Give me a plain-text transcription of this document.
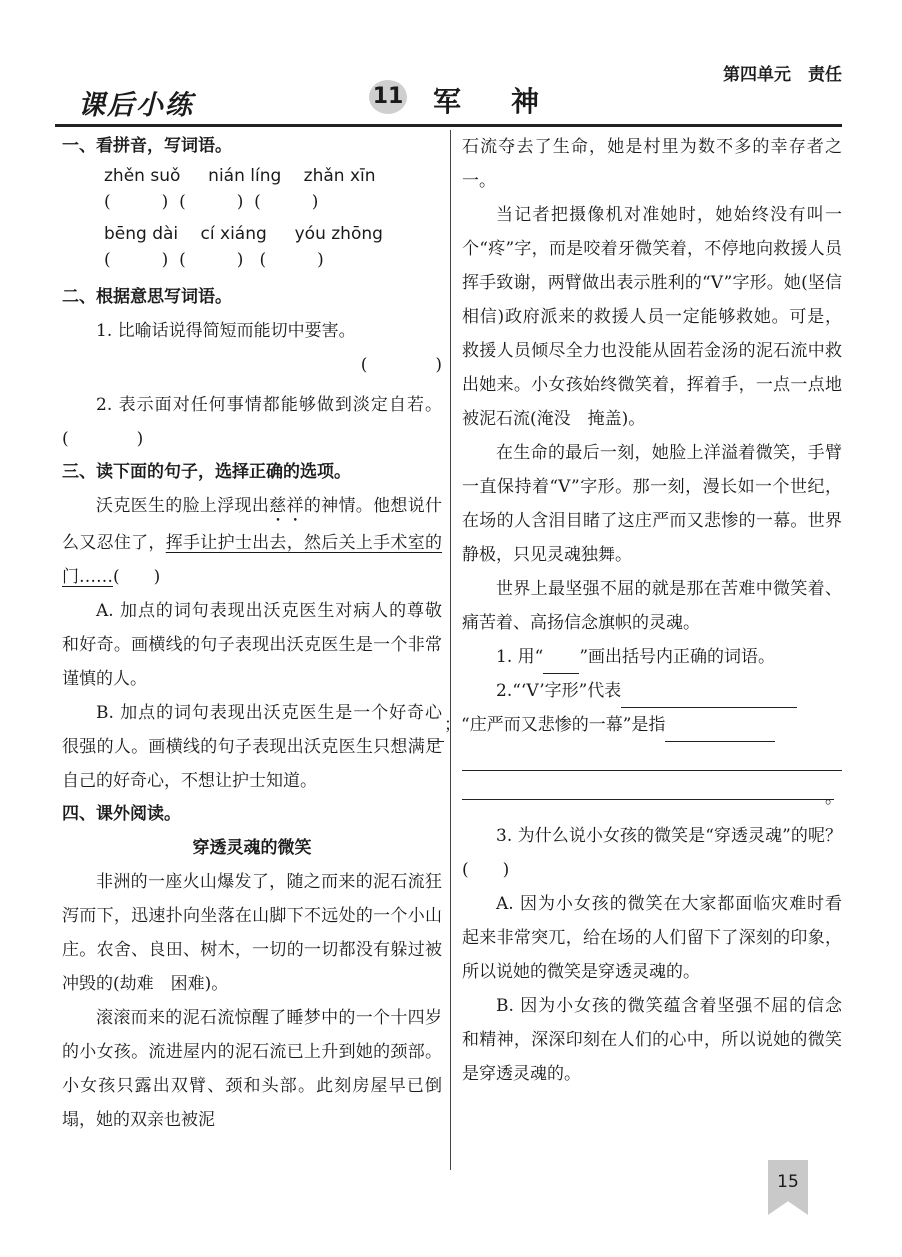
第四单元　责任
课后小练	11 军神
一、看拼音，写词语。
zhěn suǒ　  nián líng　 zhǎn xīn
(　　　)  (　　　)  (　　　)
bēng dài　 cí xiáng　  yóu zhōng
(　　　)  (　　　)   (　　　)
二、根据意思写词语。

1. 比喻话说得简短而能切中要害。

(　　　　)

2. 表示面对任何事情都能够做到淡定自若。(　　　　)

三、读下面的句子，选择正确的选项。

沃克医生的脸上浮现出慈祥的神情。他想说什么又忍住了，挥手让护士出去，然后关上手术室的门……(　　)

A. 加点的词句表现出沃克医生对病人的尊敬和好奇。画横线的句子表现出沃克医生是一个非常谨慎的人。

B. 加点的词句表现出沃克医生是一个好奇心很强的人。画横线的句子表现出沃克医生只想满足自己的好奇心，不想让护士知道。

四、课外阅读。
穿透灵魂的微笑

非洲的一座火山爆发了，随之而来的泥石流狂泻而下，迅速扑向坐落在山脚下不远处的一个小山庄。农舍、良田、树木，一切的一切都没有躲过被冲毁的(劫难　困难)。

滚滚而来的泥石流惊醒了睡梦中的一个十四岁的小女孩。流进屋内的泥石流已上升到她的颈部。小女孩只露出双臂、颈和头部。此刻房屋早已倒塌，她的双亲也被泥

石流夺去了生命，她是村里为数不多的幸存者之一。

当记者把摄像机对准她时，她始终没有叫一个“疼”字，而是咬着牙微笑着，不停地向救援人员挥手致谢，两臂做出表示胜利的“V”字形。她(坚信　相信)政府派来的救援人员一定能够救她。可是，救援人员倾尽全力也没能从固若金汤的泥石流中救出她来。小女孩始终微笑着，挥着手，一点一点地被泥石流(淹没　掩盖)。

在生命的最后一刻，她脸上洋溢着微笑，手臂一直保持着“V”字形。那一刻，漫长如一个世纪，在场的人含泪目睹了这庄严而又悲惨的一幕。世界静极，只见灵魂独舞。

世界上最坚强不屈的就是那在苦难中微笑着、痛苦着、高扬信念旗帜的灵魂。

1. 用“ ”画出括号内正确的词语。

2.“‘V’字形”代表
；“庄严而又悲惨的一幕”是指

。

3. 为什么说小女孩的微笑是“穿透灵魂”的呢？(　　)

A. 因为小女孩的微笑在大家都面临灾难时看起来非常突兀，给在场的人们留下了深刻的印象，所以说她的微笑是穿透灵魂的。

B. 因为小女孩的微笑蕴含着坚强不屈的信念和精神，深深印刻在人们的心中，所以说她的微笑是穿透灵魂的。

15
